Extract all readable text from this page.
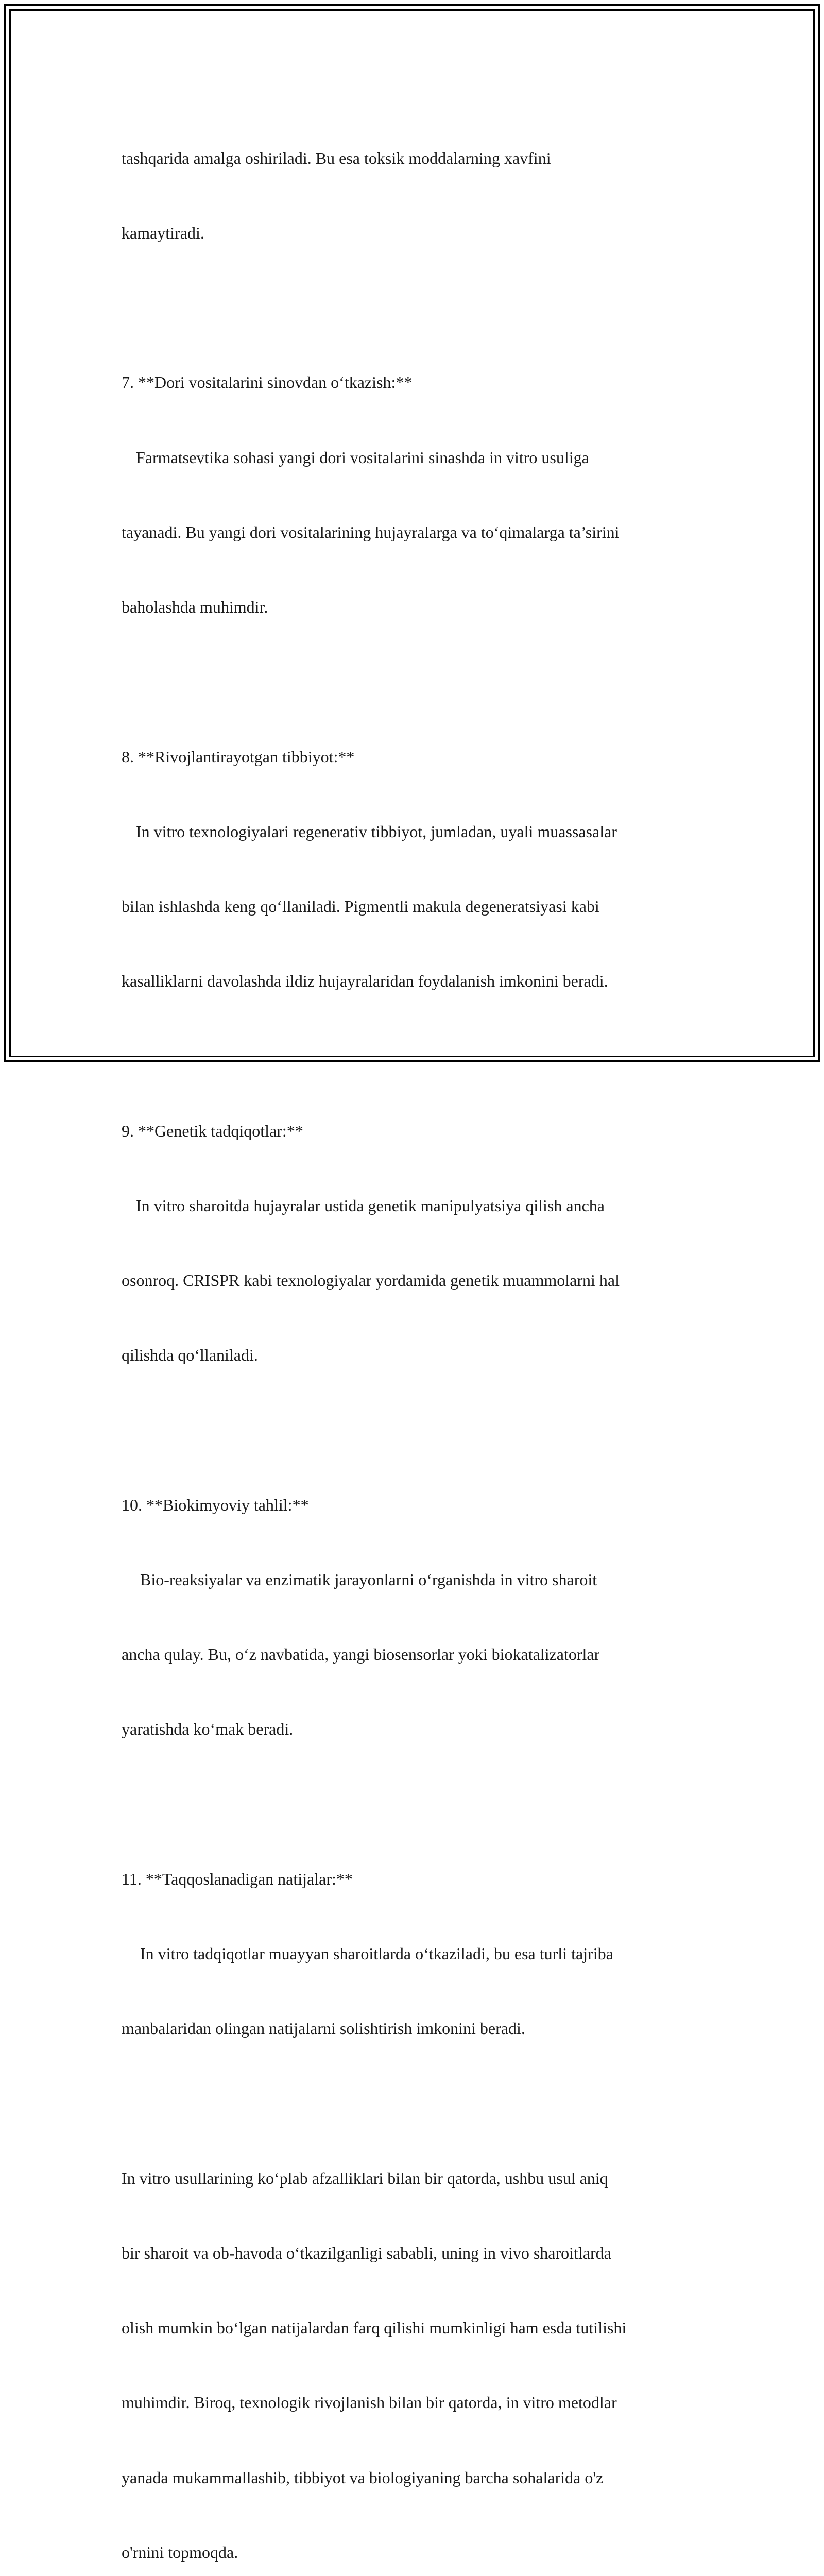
tashqarida amalga oshiriladi. Bu esa toksik moddalarning xavfini

kamaytiradi.

7. **Dori vositalarini sinovdan o‘tkazish:**

Farmatsevtika sohasi yangi dori vositalarini sinashda in vitro usuliga

tayanadi. Bu yangi dori vositalarining hujayralarga va to‘qimalarga ta’sirini

baholashda muhimdir.

8. **Rivojlantirayotgan tibbiyot:**

In vitro texnologiyalari regenerativ tibbiyot, jumladan, uyali muassasalar

bilan ishlashda keng qo‘llaniladi. Pigmentli makula degeneratsiyasi kabi

kasalliklarni davolashda ildiz hujayralaridan foydalanish imkonini beradi.

9. **Genetik tadqiqotlar:**

In vitro sharoitda hujayralar ustida genetik manipulyatsiya qilish ancha

osonroq. CRISPR kabi texnologiyalar yordamida genetik muammolarni hal

qilishda qo‘llaniladi.

10. **Biokimyoviy tahlil:**

Bio-reaksiyalar va enzimatik jarayonlarni o‘rganishda in vitro sharoit

ancha qulay. Bu, o‘z navbatida, yangi biosensorlar yoki biokatalizatorlar

yaratishda ko‘mak beradi.

11. **Taqqoslanadigan natijalar:**

In vitro tadqiqotlar muayyan sharoitlarda o‘tkaziladi, bu esa turli tajriba

manbalaridan olingan natijalarni solishtirish imkonini beradi.

In vitro usullarining ko‘plab afzalliklari bilan bir qatorda, ushbu usul aniq

bir sharoit va ob-havoda o‘tkazilganligi sababli, uning in vivo sharoitlarda

olish mumkin bo‘lgan natijalardan farq qilishi mumkinligi ham esda tutilishi

muhimdir. Biroq, texnologik rivojlanish bilan bir qatorda, in vitro metodlar

yanada mukammallashib, tibbiyot va biologiyaning barcha sohalarida o'z

o'rnini topmoqda.
